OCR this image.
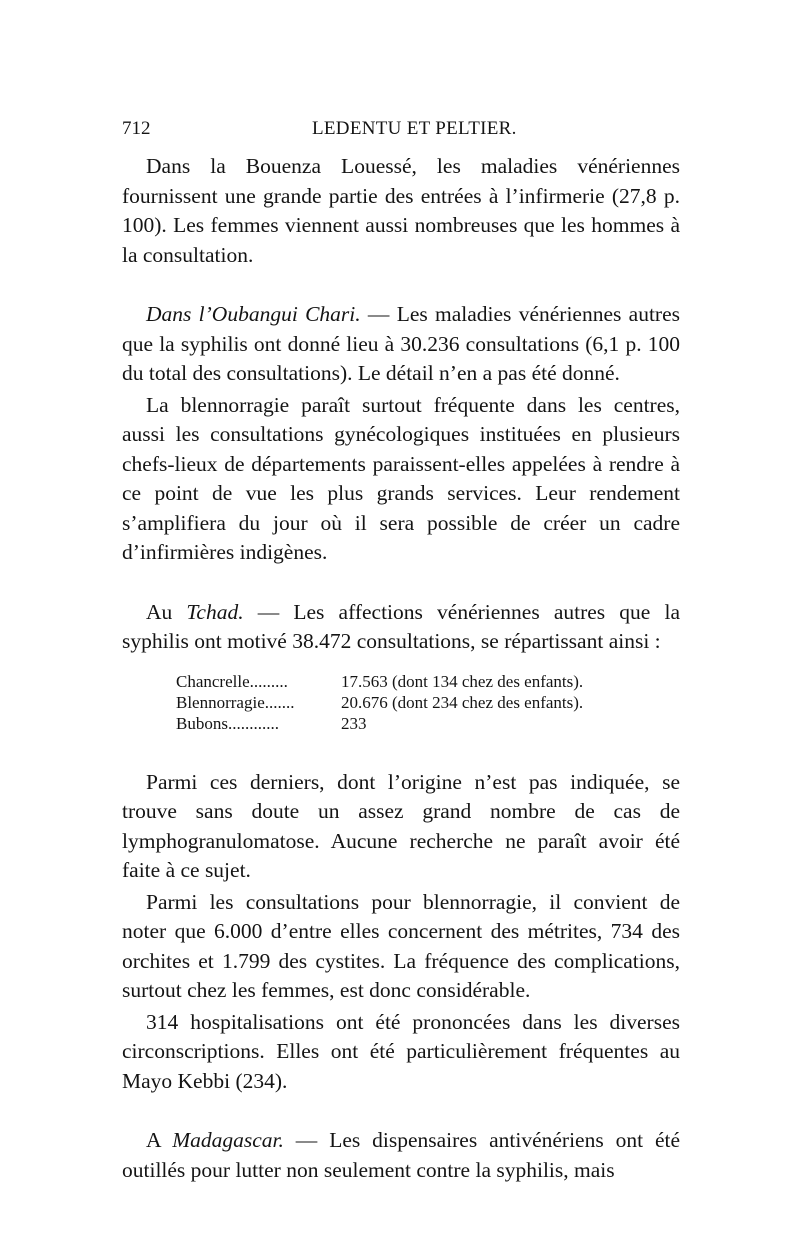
712	LEDENTU ET PELTIER.

Dans la Bouenza Louessé, les maladies vénériennes fournissent une grande partie des entrées à l’infirmerie (27,8 p. 100). Les femmes viennent aussi nombreuses que les hommes à la consultation.

Dans l’Oubangui Chari. — Les maladies vénériennes autres que la syphilis ont donné lieu à 30.236 consultations (6,1 p. 100 du total des consultations). Le détail n’en a pas été donné.

La blennorragie paraît surtout fréquente dans les centres, aussi les consultations gynécologiques instituées en plusieurs chefs-lieux de départements paraissent-elles appelées à rendre à ce point de vue les plus grands services. Leur rendement s’amplifiera du jour où il sera possible de créer un cadre d’infirmières indigènes.

Au Tchad. — Les affections vénériennes autres que la syphilis ont motivé 38.472 consultations, se répartissant ainsi :

Chancrelle.........	17.563 (dont 134 chez des enfants).
Blennorragie.......	20.676 (dont 234 chez des enfants).
Bubons............	233

Parmi ces derniers, dont l’origine n’est pas indiquée, se trouve sans doute un assez grand nombre de cas de lymphogranulomatose. Aucune recherche ne paraît avoir été faite à ce sujet.

Parmi les consultations pour blennorragie, il convient de noter que 6.000 d’entre elles concernent des métrites, 734 des orchites et 1.799 des cystites. La fréquence des complications, surtout chez les femmes, est donc considérable.

314 hospitalisations ont été prononcées dans les diverses circonscriptions. Elles ont été particulièrement fréquentes au Mayo Kebbi (234).

A Madagascar. — Les dispensaires antivénériens ont été outillés pour lutter non seulement contre la syphilis, mais
